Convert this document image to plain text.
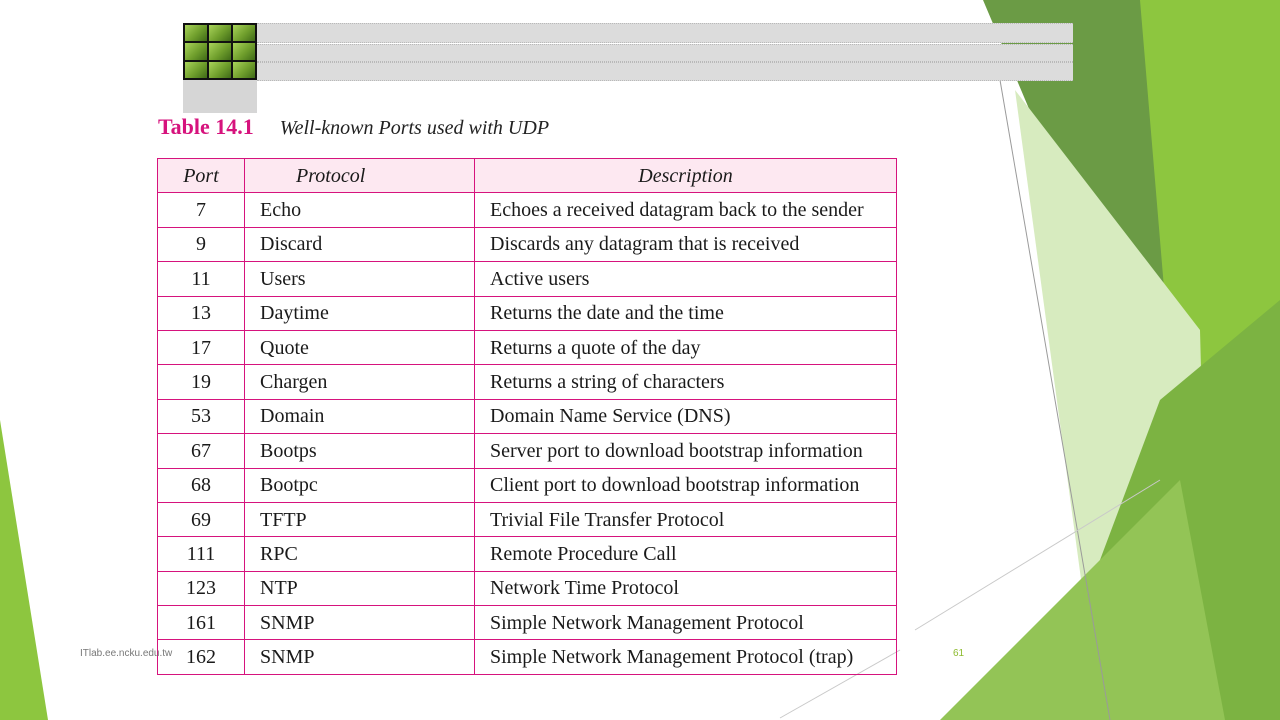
Table 14.1 Well-known Ports used with UDP
Port	Protocol	Description
7	Echo	Echoes a received datagram back to the sender
9	Discard	Discards any datagram that is received
11	Users	Active users
13	Daytime	Returns the date and the time
17	Quote	Returns a quote of the day
19	Chargen	Returns a string of characters
53	Domain	Domain Name Service (DNS)
67	Bootps	Server port to download bootstrap information
68	Bootpc	Client port to download bootstrap information
69	TFTP	Trivial File Transfer Protocol
111	RPC	Remote Procedure Call
123	NTP	Network Time Protocol
161	SNMP	Simple Network Management Protocol
162	SNMP	Simple Network Management Protocol (trap)
ITlab.ee.ncku.edu.tw	61
